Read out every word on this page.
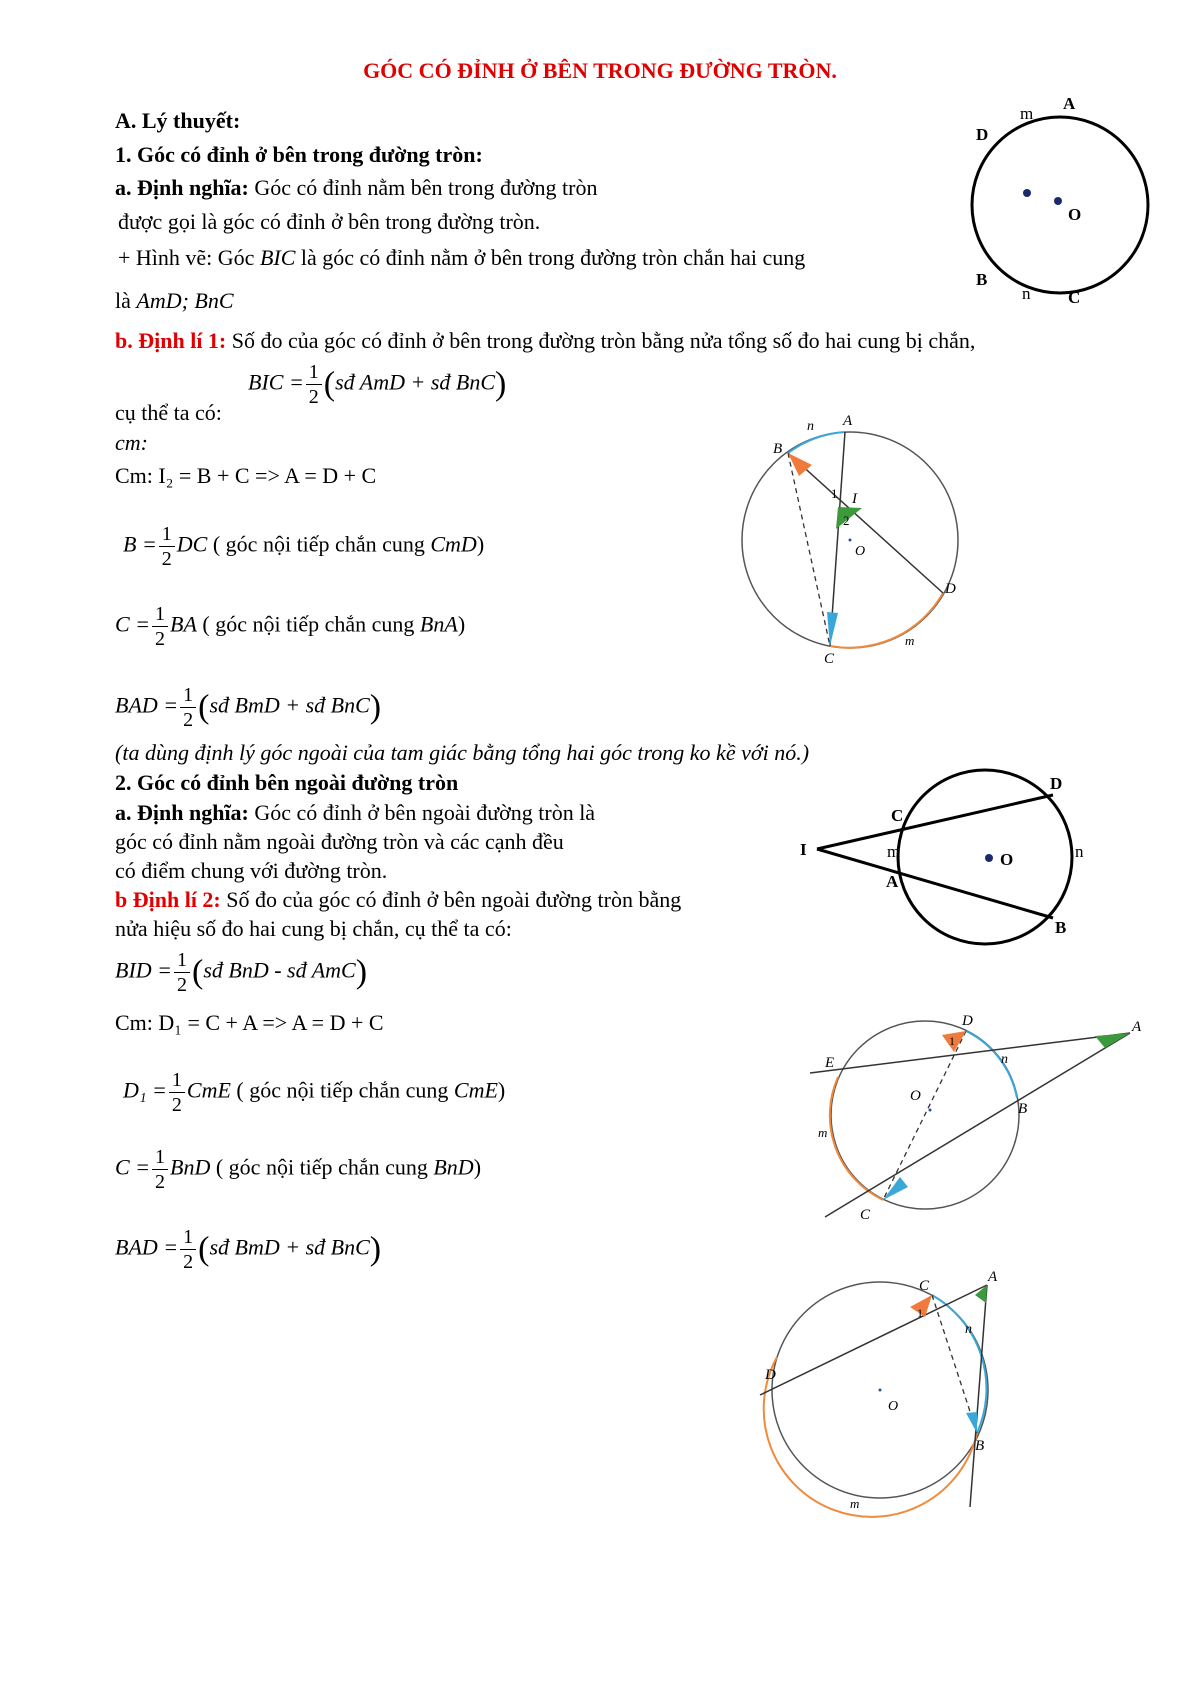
GÓC CÓ ĐỈNH Ở BÊN TRONG ĐƯỜNG TRÒN.
A. Lý thuyết:
1. Góc có đỉnh ở bên trong đường tròn:
a. Định nghĩa: Góc có đỉnh nằm bên trong đường tròn
được gọi là góc có đỉnh ở bên trong đường tròn.
+ Hình vẽ: Góc BIC là góc có đỉnh nằm ở bên trong đường tròn chắn hai cung
là AmD; BnC
b. Định lí 1: Số đo của góc có đỉnh ở bên trong đường tròn bằng nửa tổng số đo hai cung bị chắn,
BIC = $\frac{1}{2}$ (sđ AmD + sđ BnC)
cụ thể ta có:
cm:
Cm: I₂ = B + C => A = D + C
$B = \frac{1}{2}$ DC ( góc nội tiếp chắn cung CmD)
$C = \frac{1}{2}$ BA ( góc nội tiếp chắn cung BnA)
BAD = $\frac{1}{2}$ (sđ BmD + sđ BnC)
(ta dùng định lý góc ngoài của tam giác bằng tổng hai góc trong ko kề với nó.)
2. Góc có đỉnh bên ngoài đường tròn
a. Định nghĩa: Góc có đỉnh ở bên ngoài đường tròn là
góc có đỉnh nằm ngoài đường tròn và các cạnh đều
có điểm chung với đường tròn.
b Định lí 2: Số đo của góc có đỉnh ở bên ngoài đường tròn bằng
nửa hiệu số đo hai cung bị chắn, cụ thể ta có:
BID = $\frac{1}{2}$ (sđ BnD - sđ AmC)
Cm: D₁ = C + A => A = D + C
$D_1 = \frac{1}{2}$ CmE ( góc nội tiếp chắn cung CmE)
$C = \frac{1}{2}$ BnD ( góc nội tiếp chắn cung BnD)
BAD = $\frac{1}{2}$ (sđ BmD + sđ BnC)
A
m
D
O
B
n C
A
n
B
I
1
2
O
D
C
m
I
C
m
A
O
D
n
B
E
D	A
1
O
n
B
m
C
A
C
1
n
D
O
B
m
